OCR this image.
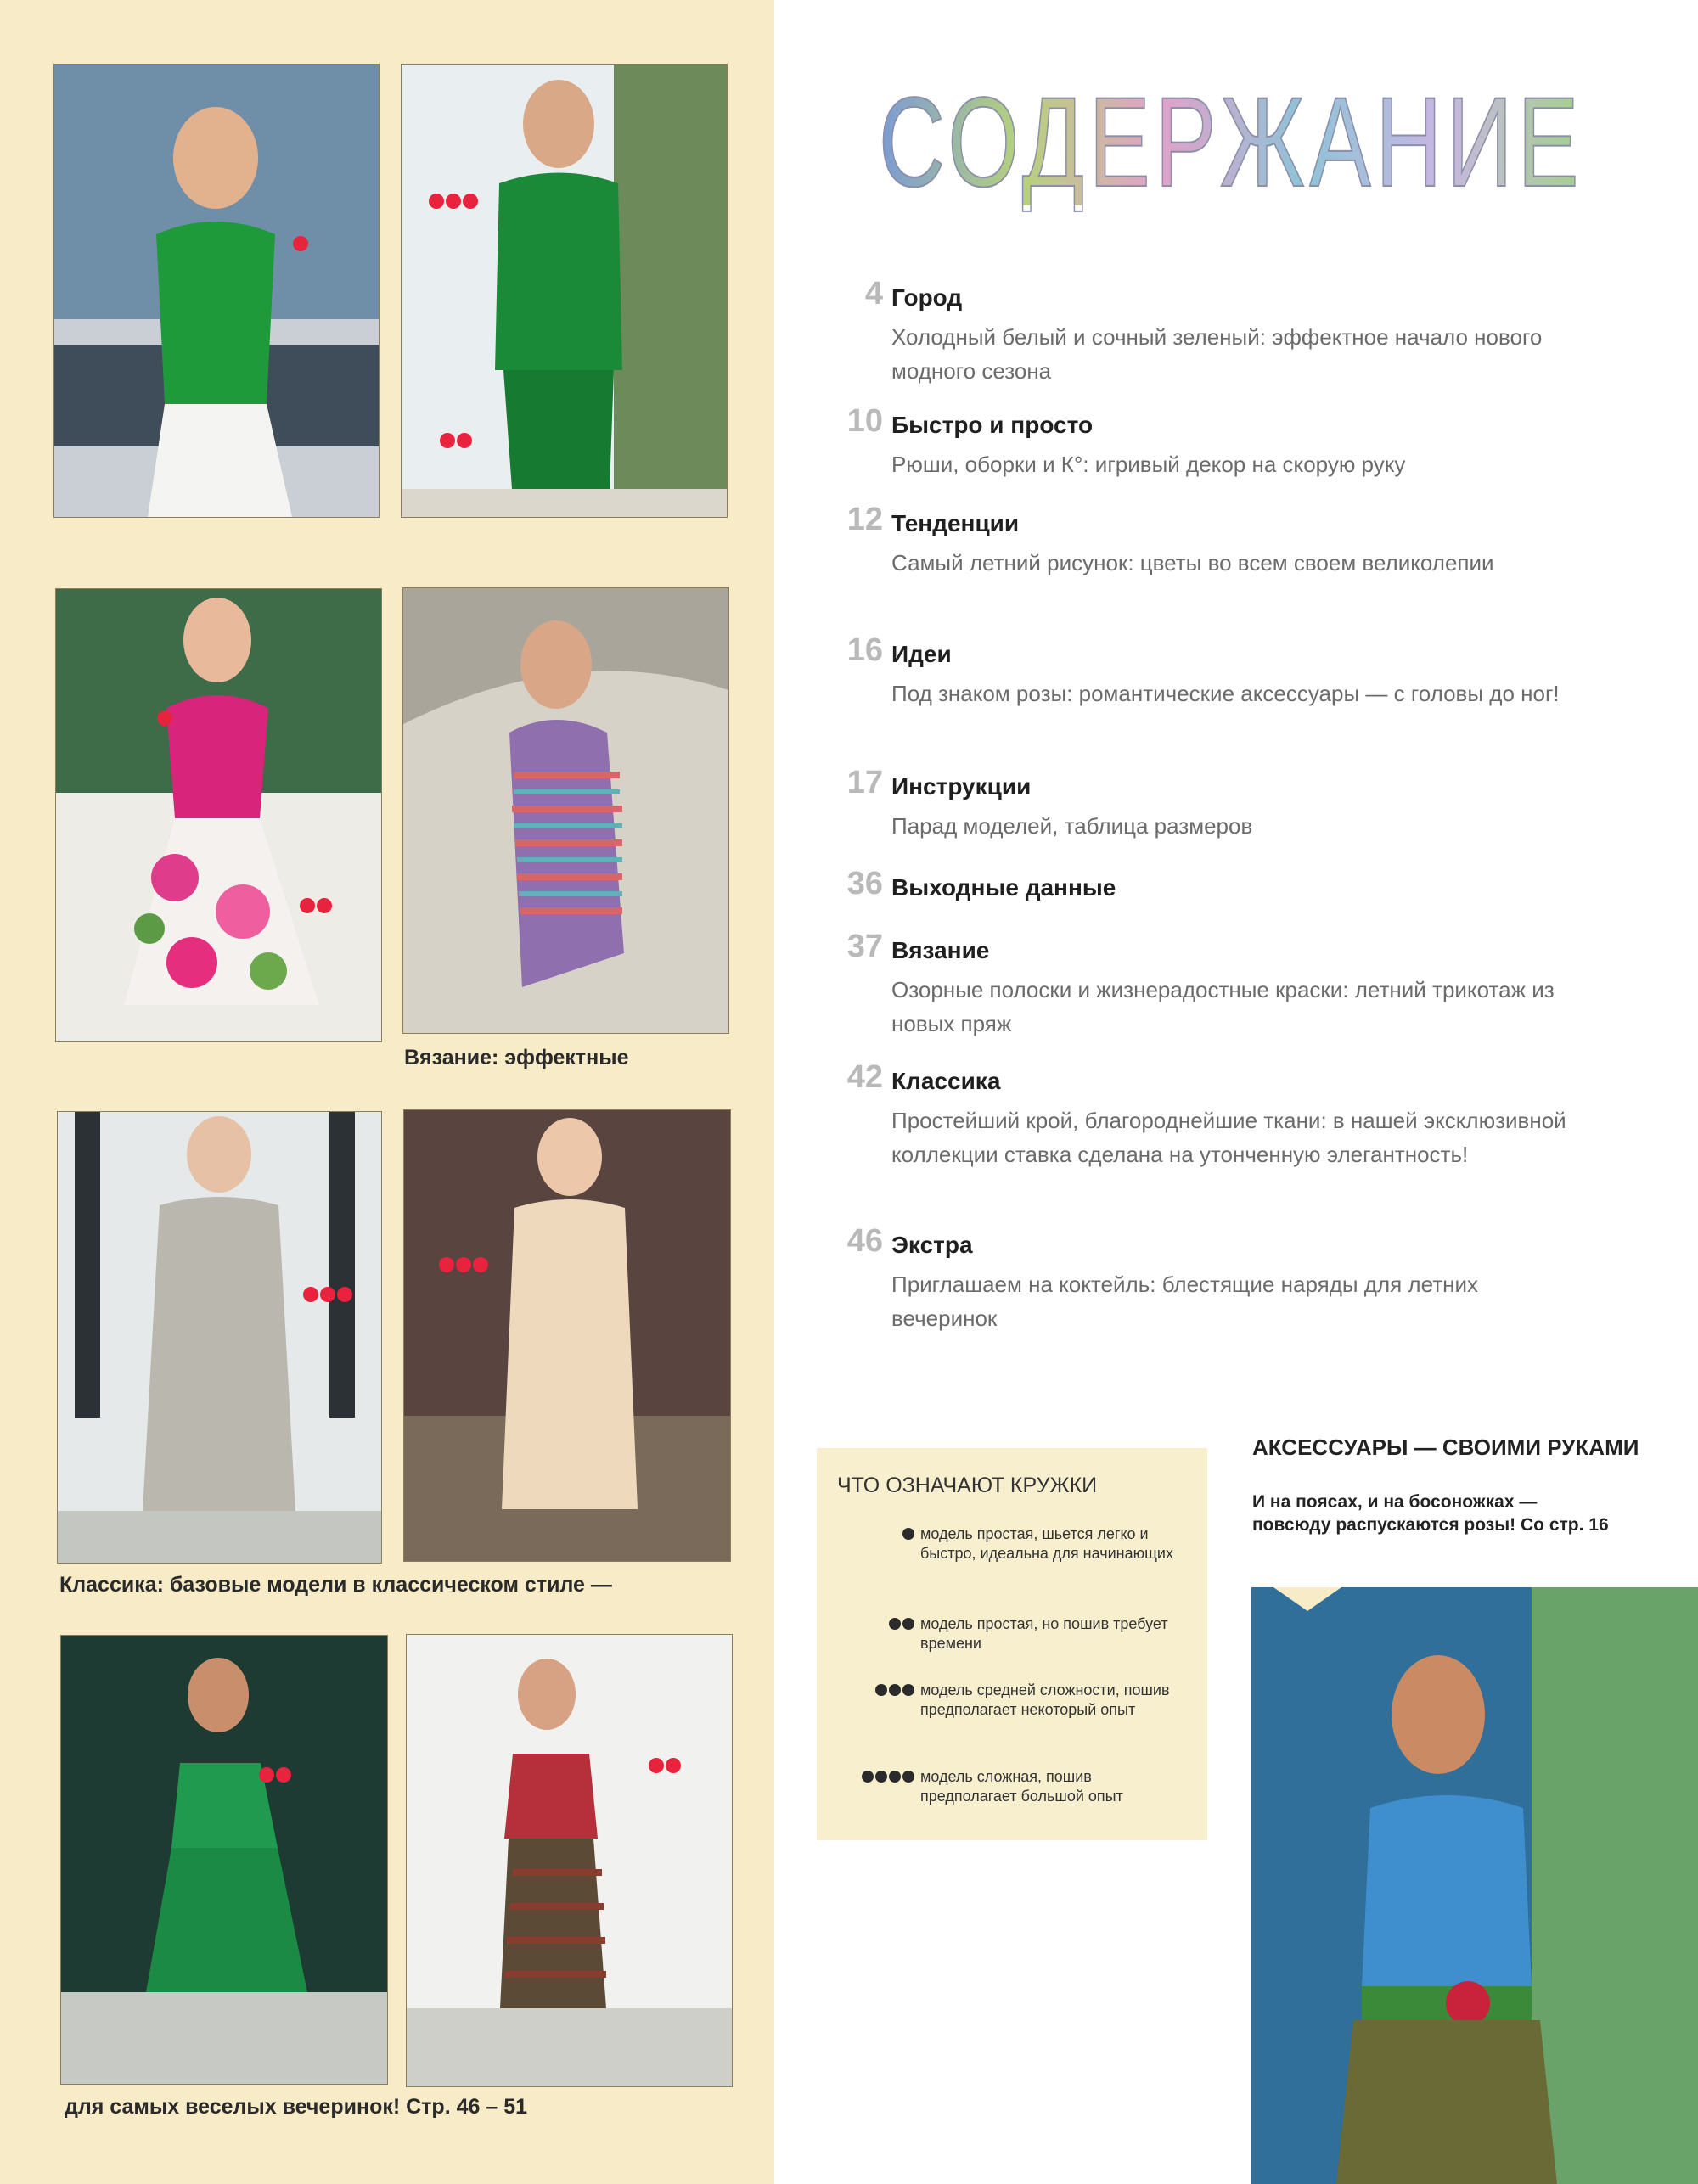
Вязание: эффектные
Классика: базовые модели в классическом стиле —
для самых веселых вечеринок! Стр. 46 – 51
СОДЕРЖАНИЕ
4 Город
Холодный белый и сочный зеленый: эффектное начало нового модного сезона
10 Быстро и просто
Рюши, оборки и К°: игривый декор на скорую руку
12 Тенденции
Самый летний рисунок: цветы во всем своем великолепии
16 Идеи
Под знаком розы: романтические аксессуары — с головы до ног!
17 Инструкции
Парад моделей, таблица размеров
36 Выходные данные
37 Вязание
Озорные полоски и жизнерадостные краски: летний трикотаж из новых пряж
42 Классика
Простейший крой, благороднейшие ткани: в нашей эксклюзивной коллекции ставка сделана на утонченную элегантность!
46 Экстра
Приглашаем на коктейль: блестящие наряды для летних вечеринок
ЧТО ОЗНАЧАЮТ КРУЖКИ
модель простая, шьется легко и быстро, идеальна для начинающих
модель простая, но пошив требует времени
модель средней сложности, пошив предполагает некоторый опыт
модель сложная, пошив предполагает большой опыт
АКСЕССУАРЫ — СВОИМИ РУКАМИ
И на поясах, и на босоножках — повсюду распускаются розы! Со стр. 16
